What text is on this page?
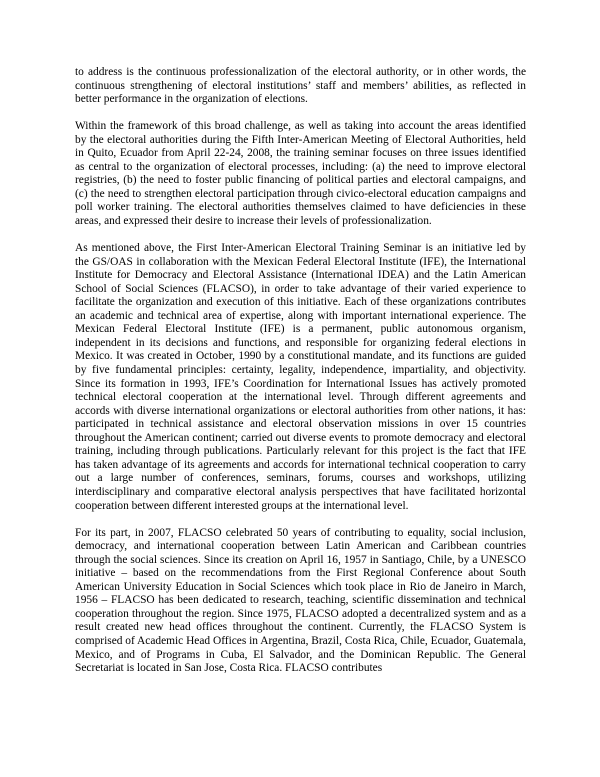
to address is the continuous professionalization of the electoral authority, or in other words, the continuous strengthening of electoral institutions’ staff and members’ abilities, as reflected in better performance in the organization of elections.

Within the framework of this broad challenge, as well as taking into account the areas identified by the electoral authorities during the Fifth Inter-American Meeting of Electoral Authorities, held in Quito, Ecuador from April 22-24, 2008, the training seminar focuses on three issues identified as central to the organization of electoral processes, including: (a) the need to improve electoral registries, (b) the need to foster public financing of political parties and electoral campaigns, and (c) the need to strengthen electoral participation through civico-electoral education campaigns and poll worker training. The electoral authorities themselves claimed to have deficiencies in these areas, and expressed their desire to increase their levels of professionalization.

As mentioned above, the First Inter-American Electoral Training Seminar is an initiative led by the GS/OAS in collaboration with the Mexican Federal Electoral Institute (IFE), the International Institute for Democracy and Electoral Assistance (International IDEA) and the Latin American School of Social Sciences (FLACSO), in order to take advantage of their varied experience to facilitate the organization and execution of this initiative. Each of these organizations contributes an academic and technical area of expertise, along with important international experience. The Mexican Federal Electoral Institute (IFE) is a permanent, public autonomous organism, independent in its decisions and functions, and responsible for organizing federal elections in Mexico. It was created in October, 1990 by a constitutional mandate, and its functions are guided by five fundamental principles: certainty, legality, independence, impartiality, and objectivity. Since its formation in 1993, IFE’s Coordination for International Issues has actively promoted technical electoral cooperation at the international level. Through different agreements and accords with diverse international organizations or electoral authorities from other nations, it has: participated in technical assistance and electoral observation missions in over 15 countries throughout the American continent; carried out diverse events to promote democracy and electoral training, including through publications. Particularly relevant for this project is the fact that IFE has taken advantage of its agreements and accords for international technical cooperation to carry out a large number of conferences, seminars, forums, courses and workshops, utilizing interdisciplinary and comparative electoral analysis perspectives that have facilitated horizontal cooperation between different interested groups at the international level.

For its part, in 2007, FLACSO celebrated 50 years of contributing to equality, social inclusion, democracy, and international cooperation between Latin American and Caribbean countries through the social sciences. Since its creation on April 16, 1957 in Santiago, Chile, by a UNESCO initiative – based on the recommendations from the First Regional Conference about South American University Education in Social Sciences which took place in Rio de Janeiro in March, 1956 – FLACSO has been dedicated to research, teaching, scientific dissemination and technical cooperation throughout the region. Since 1975, FLACSO adopted a decentralized system and as a result created new head offices throughout the continent. Currently, the FLACSO System is comprised of Academic Head Offices in Argentina, Brazil, Costa Rica, Chile, Ecuador, Guatemala, Mexico, and of Programs in Cuba, El Salvador, and the Dominican Republic. The General Secretariat is located in San Jose, Costa Rica. FLACSO contributes
